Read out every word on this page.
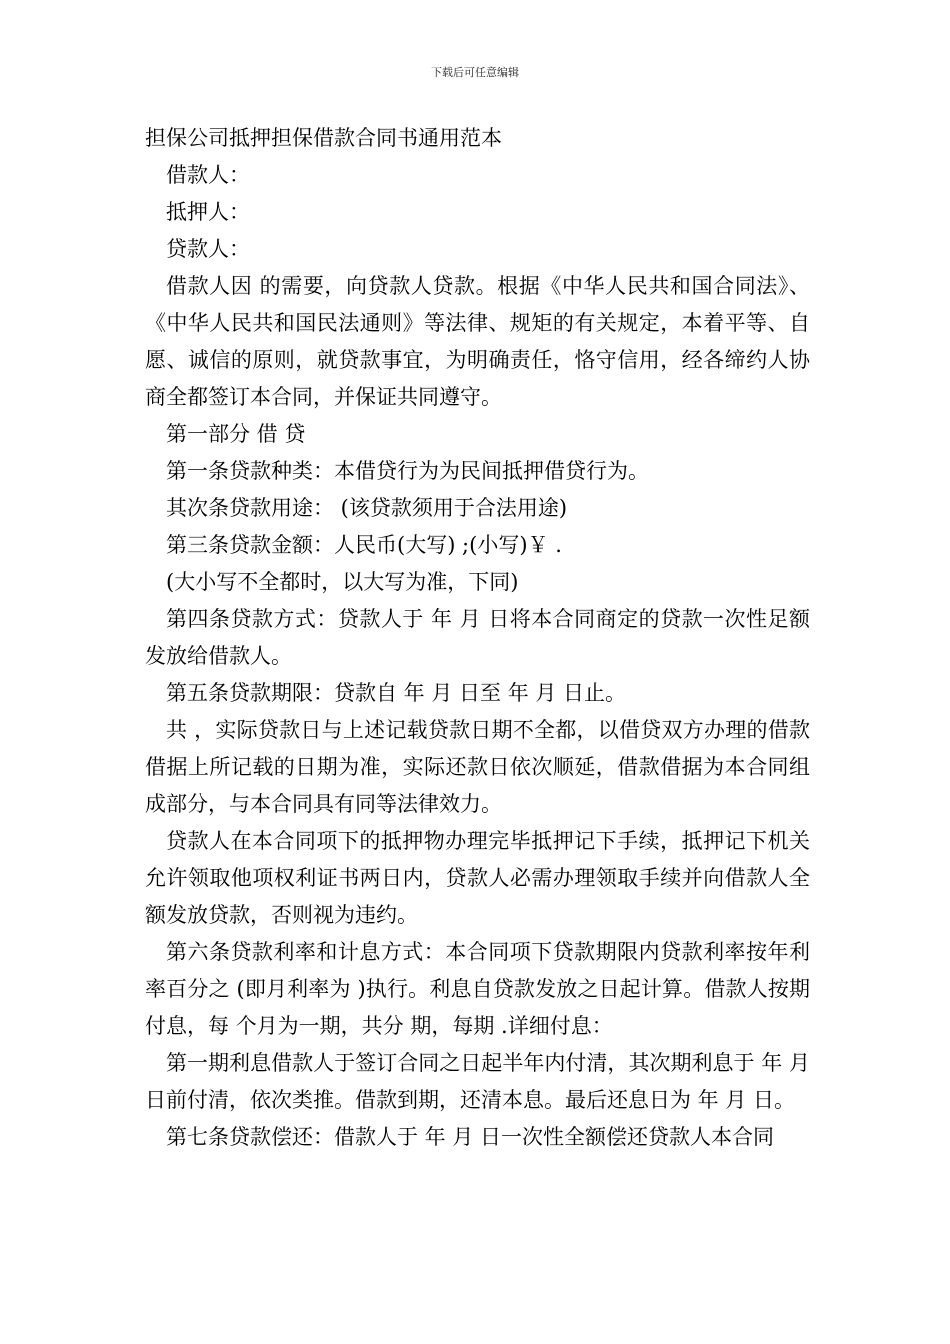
下载后可任意编辑

担保公司抵押担保借款合同书通用范本

借款人：

抵押人：

贷款人：

借款人因 的需要，向贷款人贷款。根据《中华人民共和国合同法》、《中华人民共和国民法通则》等法律、规矩的有关规定，本着平等、自愿、诚信的原则，就贷款事宜，为明确责任，恪守信用，经各缔约人协商全都签订本合同，并保证共同遵守。

第一部分 借 贷

第一条贷款种类：本借贷行为为民间抵押借贷行为。

其次条贷款用途： (该贷款须用于合法用途)

第三条贷款金额：人民币(大写) ;(小写)￥ .

(大小写不全都时，以大写为准，下同)

第四条贷款方式：贷款人于 年 月 日将本合同商定的贷款一次性足额发放给借款人。

第五条贷款期限：贷款自 年 月 日至 年 月 日止。

共 ，实际贷款日与上述记载贷款日期不全都，以借贷双方办理的借款借据上所记载的日期为准，实际还款日依次顺延，借款借据为本合同组成部分，与本合同具有同等法律效力。

贷款人在本合同项下的抵押物办理完毕抵押记下手续，抵押记下机关允许领取他项权利证书两日内，贷款人必需办理领取手续并向借款人全额发放贷款，否则视为违约。

第六条贷款利率和计息方式：本合同项下贷款期限内贷款利率按年利率百分之 (即月利率为 )执行。利息自贷款发放之日起计算。借款人按期付息，每 个月为一期，共分 期，每期 .详细付息：

第一期利息借款人于签订合同之日起半年内付清，其次期利息于 年 月 日前付清，依次类推。借款到期，还清本息。最后还息日为 年 月 日。

第七条贷款偿还：借款人于 年 月 日一次性全额偿还贷款人本合同
